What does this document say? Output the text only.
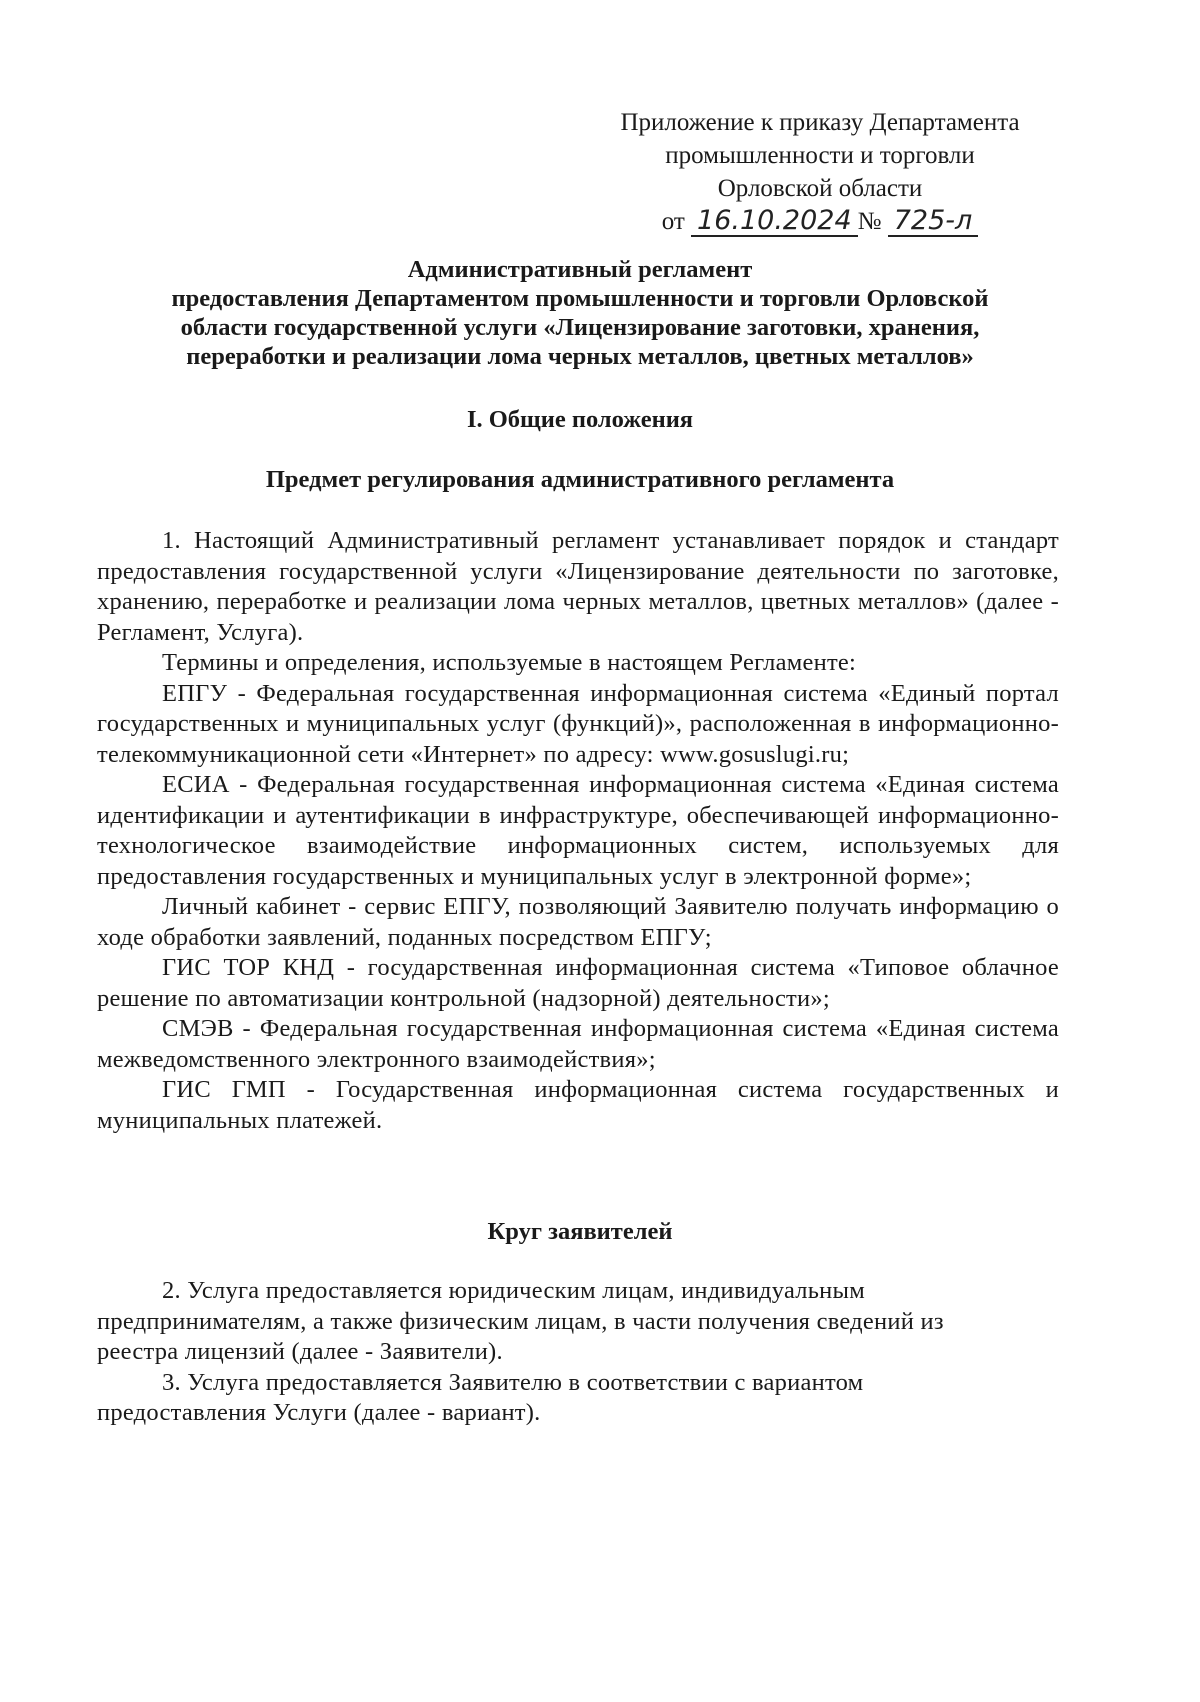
Приложение к приказу Департамента
промышленности и торговли
Орловской области
от 16.10.2024 № 725-л
Административный регламент
предоставления Департаментом промышленности и торговли Орловской
области государственной услуги «Лицензирование заготовки, хранения,
переработки и реализации лома черных металлов, цветных металлов»
I. Общие положения
Предмет регулирования административного регламента

1. Настоящий Административный регламент устанавливает порядок и стандарт предоставления государственной услуги «Лицензирование деятельности по заготовке, хранению, переработке и реализации лома черных металлов, цветных металлов» (далее - Регламент, Услуга).

Термины и определения, используемые в настоящем Регламенте:

ЕПГУ - Федеральная государственная информационная система «Единый портал государственных и муниципальных услуг (функций)», расположенная в информационно-телекоммуникационной сети «Интернет» по адресу: www.gosuslugi.ru;

ЕСИА - Федеральная государственная информационная система «Единая система идентификации и аутентификации в инфраструктуре, обеспечивающей информационно-технологическое взаимодействие информационных систем, используемых для предоставления государственных и муниципальных услуг в электронной форме»;

Личный кабинет - сервис ЕПГУ, позволяющий Заявителю получать информацию о ходе обработки заявлений, поданных посредством ЕПГУ;

ГИС ТОР КНД - государственная информационная система «Типовое облачное решение по автоматизации контрольной (надзорной) деятельности»;

СМЭВ - Федеральная государственная информационная система «Единая система межведомственного электронного взаимодействия»;

ГИС ГМП - Государственная информационная система государственных и муниципальных платежей.

Круг заявителей

2. Услуга предоставляется юридическим лицам, индивидуальным предпринимателям, а также физическим лицам, в части получения сведений из реестра лицензий (далее - Заявители).

3. Услуга предоставляется Заявителю в соответствии с вариантом предоставления Услуги (далее - вариант).
